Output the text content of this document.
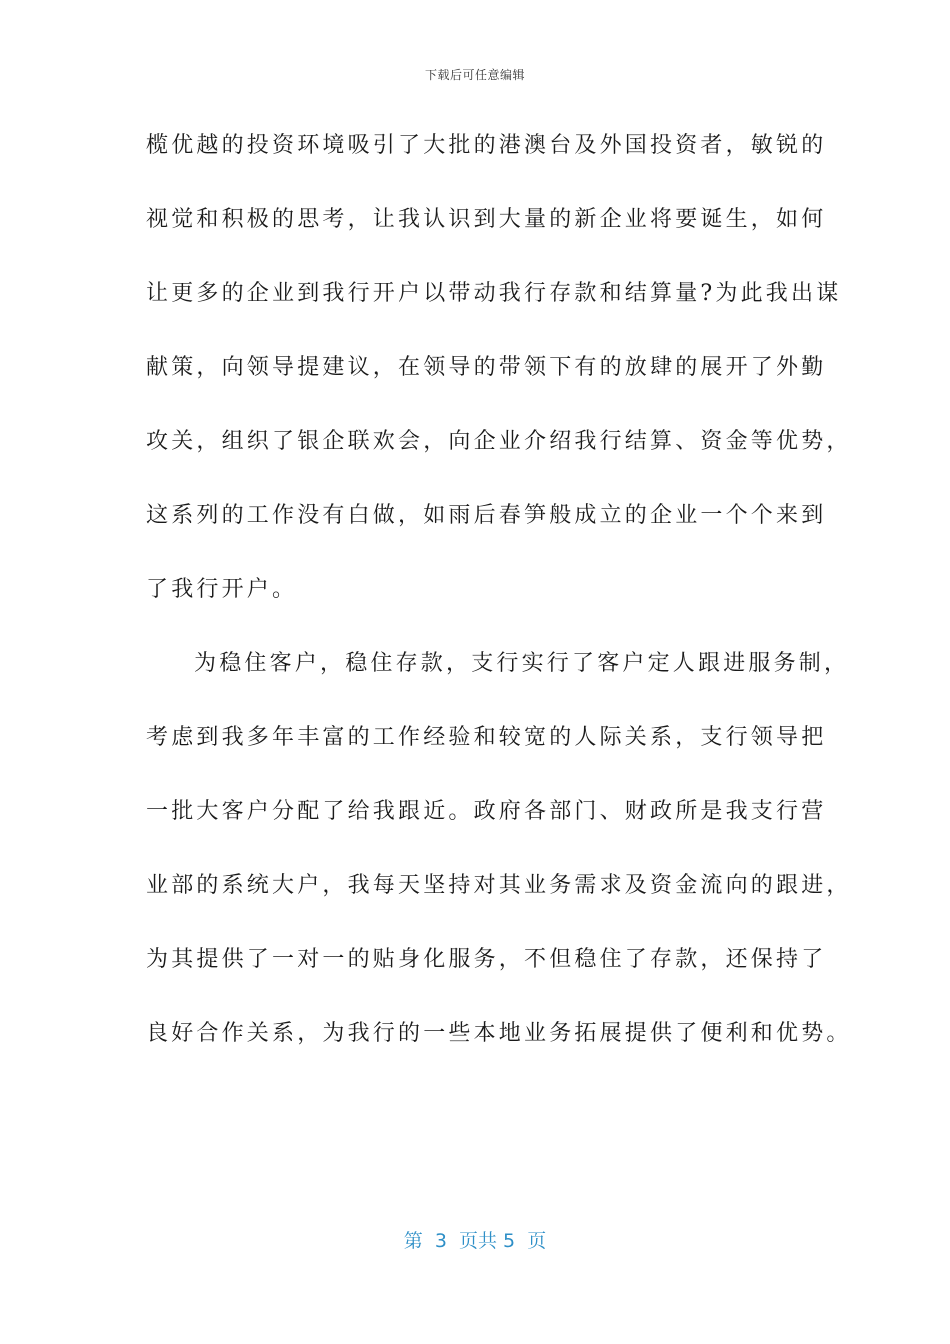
下载后可任意编辑
榄优越的投资环境吸引了大批的港澳台及外国投资者，敏锐的
视觉和积极的思考，让我认识到大量的新企业将要诞生，如何
让更多的企业到我行开户以带动我行存款和结算量?为此我出谋
献策，向领导提建议，在领导的带领下有的放肆的展开了外勤
攻关，组织了银企联欢会，向企业介绍我行结算、资金等优势，
这系列的工作没有白做，如雨后春笋般成立的企业一个个来到
了我行开户。
为稳住客户，稳住存款，支行实行了客户定人跟进服务制，
考虑到我多年丰富的工作经验和较宽的人际关系，支行领导把
一批大客户分配了给我跟近。政府各部门、财政所是我支行营
业部的系统大户，我每天坚持对其业务需求及资金流向的跟进，
为其提供了一对一的贴身化服务，不但稳住了存款，还保持了
良好合作关系，为我行的一些本地业务拓展提供了便利和优势。
第  3  页共 5  页
